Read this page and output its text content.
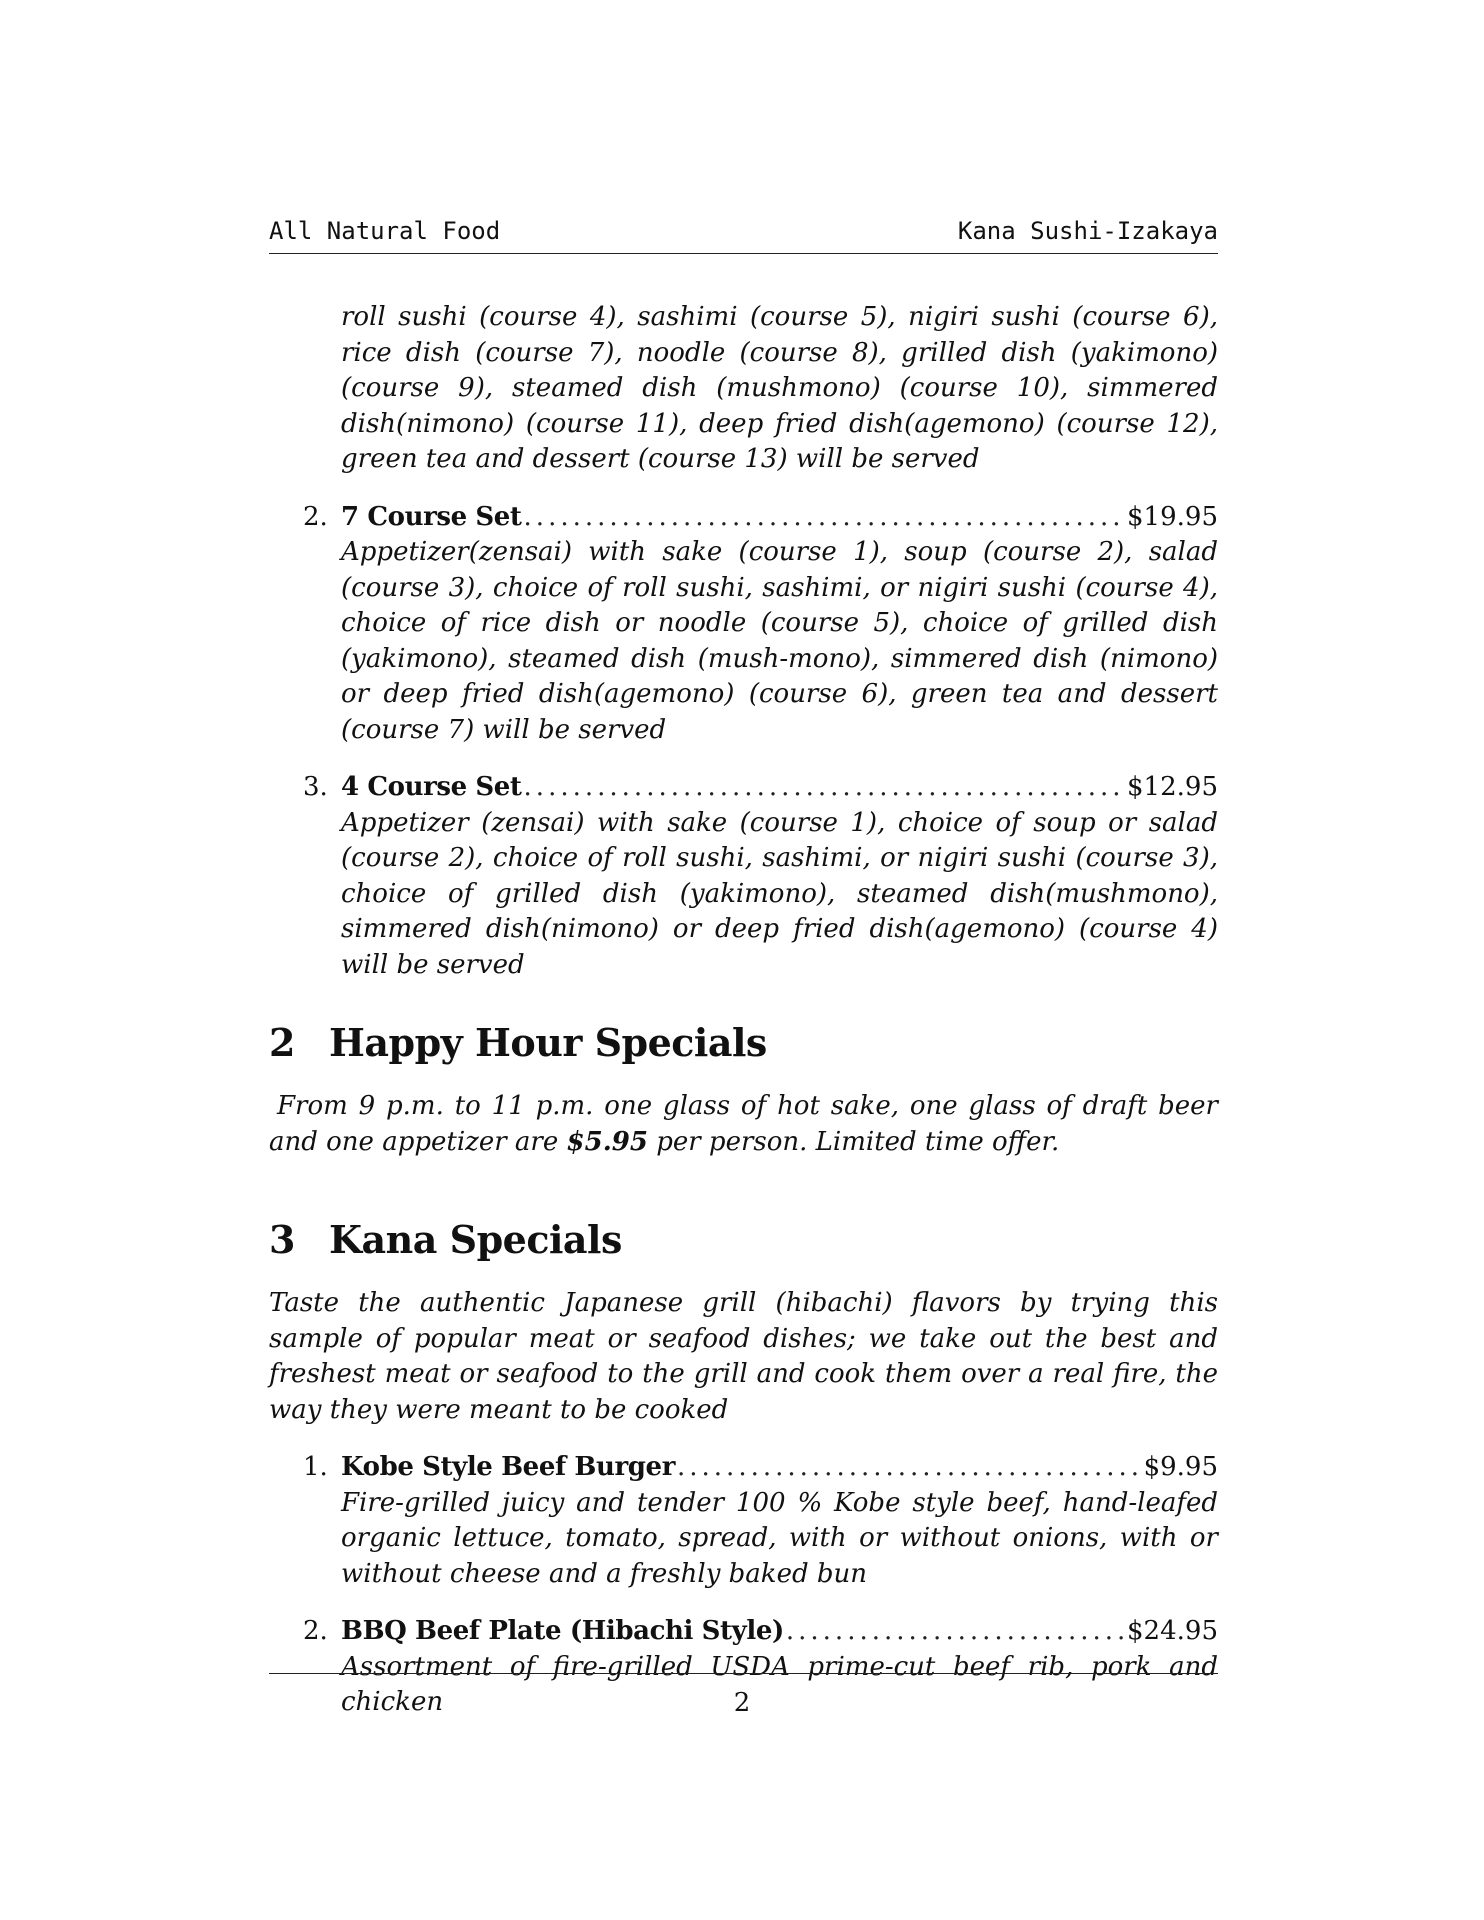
All Natural Food	Kana Sushi-Izakaya

roll sushi (course 4), sashimi (course 5), nigiri sushi (course 6), rice dish (course 7), noodle (course 8), grilled dish (yakimono) (course 9), steamed dish (mushmono) (course 10), simmered dish(nimono) (course 11), deep fried dish(agemono) (course 12), green tea and dessert (course 13) will be served

2. 7 Course Set .....	$19.95

Appetizer(zensai) with sake (course 1), soup (course 2), salad (course 3), choice of roll sushi, sashimi, or nigiri sushi (course 4), choice of rice dish or noodle (course 5), choice of grilled dish (yakimono), steamed dish (mush-mono), simmered dish (nimono) or deep fried dish(agemono) (course 6), green tea and dessert (course 7) will be served

3. 4 Course Set .....	$12.95

Appetizer (zensai) with sake (course 1), choice of soup or salad (course 2), choice of roll sushi, sashimi, or nigiri sushi (course 3), choice of grilled dish (yakimono), steamed dish(mushmono), simmered dish(nimono) or deep fried dish(agemono) (course 4) will be served

2 Happy Hour Specials

From 9 p.m. to 11 p.m. one glass of hot sake, one glass of draft beer and one appetizer are $5.95 per person. Limited time offer.

3 Kana Specials

Taste the authentic Japanese grill (hibachi) flavors by trying this sample of popular meat or seafood dishes; we take out the best and freshest meat or seafood to the grill and cook them over a real fire, the way they were meant to be cooked

1. Kobe Style Beef Burger .....	$9.95

Fire-grilled juicy and tender 100 % Kobe style beef, hand-leafed organic lettuce, tomato, spread, with or without onions, with or without cheese and a freshly baked bun

2. BBQ Beef Plate (Hibachi Style) .....	$24.95

Assortment of fire-grilled USDA prime-cut beef rib, pork and chicken	2
